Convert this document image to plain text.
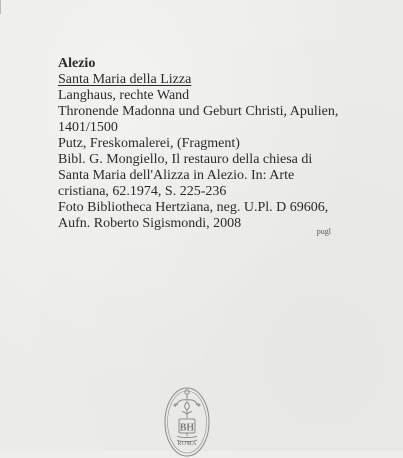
Alezio
Santa Maria della Lizza
Langhaus, rechte Wand
Thronende Madonna und Geburt Christi, Apulien,
1401/1500
Putz, Freskomalerei, (Fragment)
Bibl. G. Mongiello, Il restauro della chiesa di
Santa Maria dell'Alizza in Alezio. In: Arte
cristiana, 62.1974, S. 225-236
Foto Bibliotheca Hertziana, neg. U.Pl. D 69606,
Aufn. Roberto Sigismondi, 2008
pugl
BH
ROMA
